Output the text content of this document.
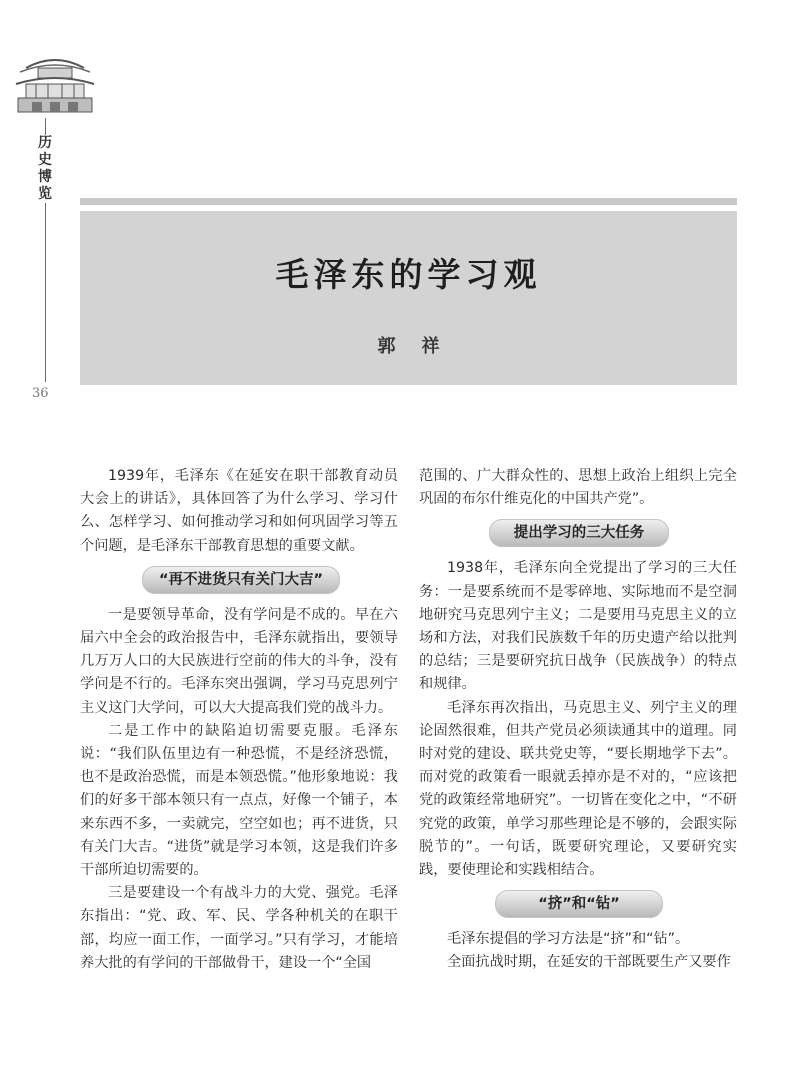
历史博览
36
毛泽东的学习观
郭祥

1939年，毛泽东《在延安在职干部教育动员大会上的讲话》，具体回答了为什么学习、学习什么、怎样学习、如何推动学习和如何巩固学习等五个问题，是毛泽东干部教育思想的重要文献。

“再不进货只有关门大吉”

一是要领导革命，没有学问是不成的。早在六届六中全会的政治报告中，毛泽东就指出，要领导几万万人口的大民族进行空前的伟大的斗争，没有学问是不行的。毛泽东突出强调，学习马克思列宁主义这门大学问，可以大大提高我们党的战斗力。

二是工作中的缺陷迫切需要克服。毛泽东说：“我们队伍里边有一种恐慌，不是经济恐慌，也不是政治恐慌，而是本领恐慌。”他形象地说：我们的好多干部本领只有一点点，好像一个铺子，本来东西不多，一卖就完，空空如也；再不进货，只有关门大吉。“进货”就是学习本领，这是我们许多干部所迫切需要的。

三是要建设一个有战斗力的大党、强党。毛泽东指出：“党、政、军、民、学各种机关的在职干部，均应一面工作，一面学习。”只有学习，才能培养大批的有学问的干部做骨干，建设一个“全国

范围的、广大群众性的、思想上政治上组织上完全巩固的布尔什维克化的中国共产党”。

提出学习的三大任务

1938年，毛泽东向全党提出了学习的三大任务：一是要系统而不是零碎地、实际地而不是空洞地研究马克思列宁主义；二是要用马克思主义的立场和方法，对我们民族数千年的历史遗产给以批判的总结；三是要研究抗日战争（民族战争）的特点和规律。

毛泽东再次指出，马克思主义、列宁主义的理论固然很难，但共产党员必须读通其中的道理。同时对党的建设、联共党史等，“要长期地学下去”。而对党的政策看一眼就丢掉亦是不对的，“应该把党的政策经常地研究”。一切皆在变化之中，“不研究党的政策，单学习那些理论是不够的，会跟实际脱节的”。一句话，既要研究理论，又要研究实践，要使理论和实践相结合。

“挤”和“钻”

毛泽东提倡的学习方法是“挤”和“钻”。

全面抗战时期，在延安的干部既要生产又要作
